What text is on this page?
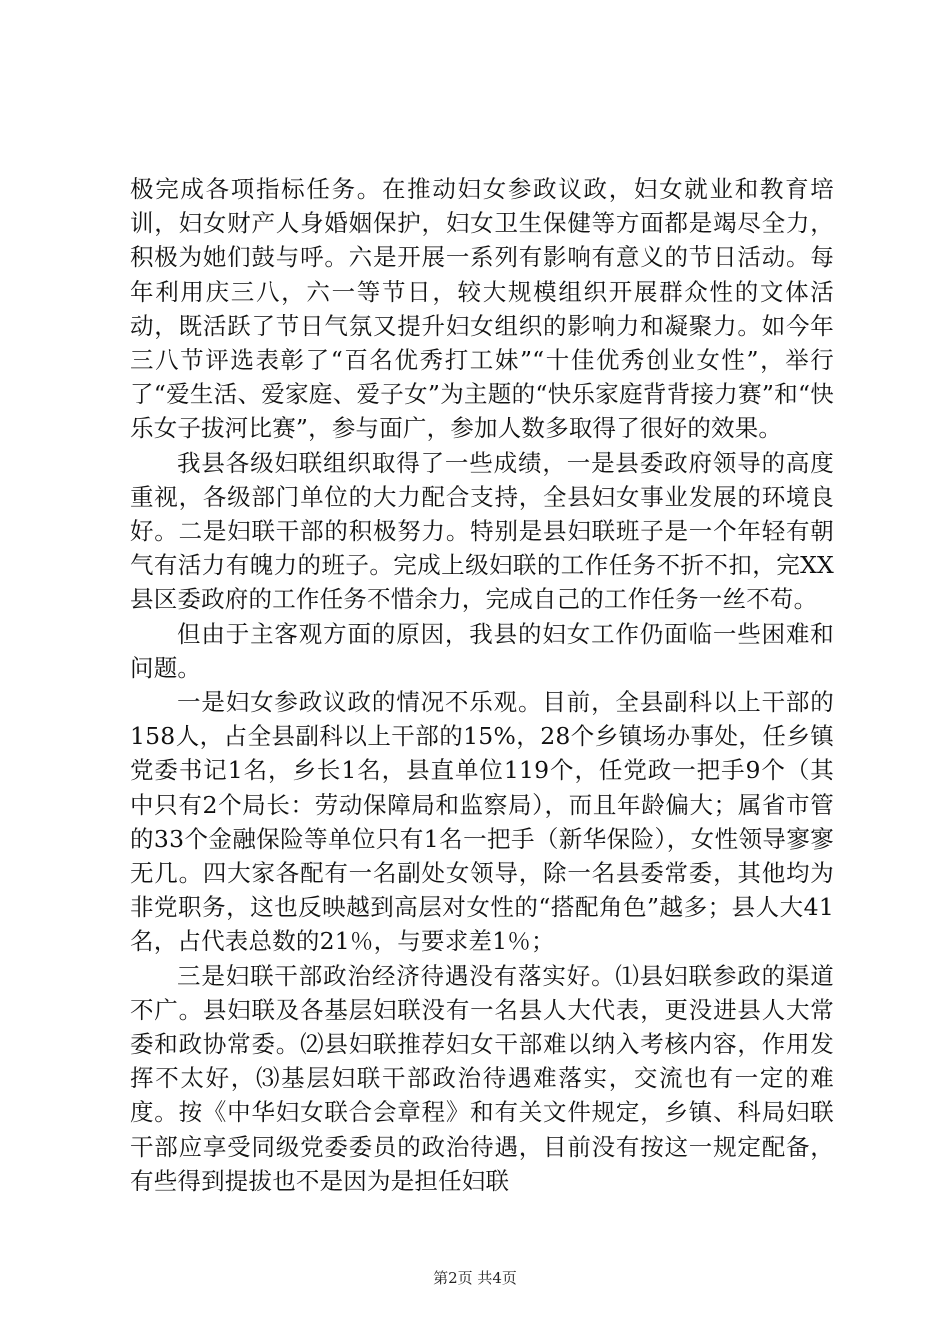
极完成各项指标任务。在推动妇女参政议政，妇女就业和教育培训，妇女财产人身婚姻保护，妇女卫生保健等方面都是竭尽全力，积极为她们鼓与呼。六是开展一系列有影响有意义的节日活动。每年利用庆三八，六一等节日，较大规模组织开展群众性的文体活动，既活跃了节日气氛又提升妇女组织的影响力和凝聚力。如今年三八节评选表彰了“百名优秀打工妹”“十佳优秀创业女性”，举行了“爱生活、爱家庭、爱子女”为主题的“快乐家庭背背接力赛”和“快乐女子拔河比赛”，参与面广，参加人数多取得了很好的效果。

我县各级妇联组织取得了一些成绩，一是县委政府领导的高度重视，各级部门单位的大力配合支持，全县妇女事业发展的环境良好。二是妇联干部的积极努力。特别是县妇联班子是一个年轻有朝气有活力有魄力的班子。完成上级妇联的工作任务不折不扣，完XX县区委政府的工作任务不惜余力，完成自己的工作任务一丝不苟。

但由于主客观方面的原因，我县的妇女工作仍面临一些困难和问题。

一是妇女参政议政的情况不乐观。目前，全县副科以上干部的158人，占全县副科以上干部的15%，28个乡镇场办事处，任乡镇党委书记1名，乡长1名，县直单位119个，任党政一把手9个（其中只有2个局长：劳动保障局和监察局），而且年龄偏大；属省市管的33个金融保险等单位只有1名一把手（新华保险），女性领导寥寥无几。四大家各配有一名副处女领导，除一名县委常委，其他均为非党职务，这也反映越到高层对女性的“搭配角色”越多；县人大41名，占代表总数的21％，与要求差1％；

三是妇联干部政治经济待遇没有落实好。⑴县妇联参政的渠道不广。县妇联及各基层妇联没有一名县人大代表，更没进县人大常委和政协常委。⑵县妇联推荐妇女干部难以纳入考核内容，作用发挥不太好，⑶基层妇联干部政治待遇难落实，交流也有一定的难度。按《中华妇女联合会章程》和有关文件规定，乡镇、科局妇联干部应享受同级党委委员的政治待遇，目前没有按这一规定配备，有些得到提拔也不是因为是担任妇联

第2页 共4页
